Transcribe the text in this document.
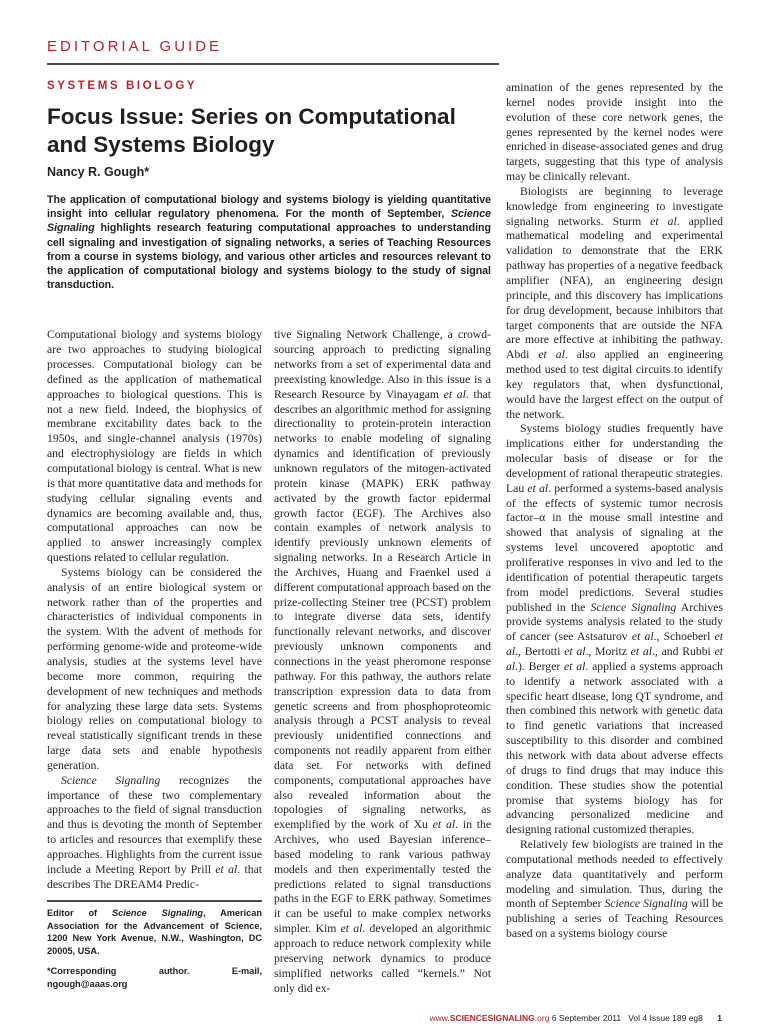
EDITORIAL GUIDE
SYSTEMS BIOLOGY
Focus Issue: Series on Computational and Systems Biology
Nancy R. Gough*
The application of computational biology and systems biology is yielding quantitative insight into cellular regulatory phenomena. For the month of September, Science Signaling highlights research featuring computational approaches to understanding cell signaling and investigation of signaling networks, a series of Teaching Resources from a course in systems biology, and various other articles and resources relevant to the application of computational biology and systems biology to the study of signal transduction.

Computational biology and systems biology are two approaches to studying biological processes. Computational biology can be defined as the application of mathematical approaches to biological questions. This is not a new field. Indeed, the biophysics of membrane excitability dates back to the 1950s, and single-channel analysis (1970s) and electrophysiology are fields in which computational biology is central. What is new is that more quantitative data and methods for studying cellular signaling events and dynamics are becoming available and, thus, computational approaches can now be applied to answer increasingly complex questions related to cellular regulation.

Systems biology can be considered the analysis of an entire biological system or network rather than of the properties and characteristics of individual components in the system. With the advent of methods for performing genome-wide and proteome-wide analysis, studies at the systems level have become more common, requiring the development of new techniques and methods for analyzing these large data sets. Systems biology relies on computational biology to reveal statistically significant trends in these large data sets and enable hypothesis generation.

Science Signaling recognizes the importance of these two complementary approaches to the field of signal transduction and thus is devoting the month of September to articles and resources that exemplify these approaches. Highlights from the current issue include a Meeting Report by Prill et al. that describes The DREAM4 Predic-

Editor of Science Signaling, American Association for the Advancement of Science, 1200 New York Avenue, N.W., Washington, DC 20005, USA.

*Corresponding author. E-mail, ngough@aaas.org

tive Signaling Network Challenge, a crowd-sourcing approach to predicting signaling networks from a set of experimental data and preexisting knowledge. Also in this issue is a Research Resource by Vinayagam et al. that describes an algorithmic method for assigning directionality to protein-protein interaction networks to enable modeling of signaling dynamics and identification of previously unknown regulators of the mitogen-activated protein kinase (MAPK) ERK pathway activated by the growth factor epidermal growth factor (EGF). The Archives also contain examples of network analysis to identify previously unknown elements of signaling networks. In a Research Article in the Archives, Huang and Fraenkel used a different computational approach based on the prize-collecting Steiner tree (PCST) problem to integrate diverse data sets, identify functionally relevant networks, and discover previously unknown components and connections in the yeast pheromone response pathway. For this pathway, the authors relate transcription expression data to data from genetic screens and from phosphoproteomic analysis through a PCST analysis to reveal previously unidentified connections and components not readily apparent from either data set. For networks with defined components, computational approaches have also revealed information about the topologies of signaling networks, as exemplified by the work of Xu et al. in the Archives, who used Bayesian inference–based modeling to rank various pathway models and then experimentally tested the predictions related to signal transductions paths in the EGF to ERK pathway. Sometimes it can be useful to make complex networks simpler. Kim et al. developed an algorithmic approach to reduce network complexity while preserving network dynamics to produce simplified networks called “kernels.” Not only did ex-

amination of the genes represented by the kernel nodes provide insight into the evolution of these core network genes, the genes represented by the kernel nodes were enriched in disease-associated genes and drug targets, suggesting that this type of analysis may be clinically relevant.

Biologists are beginning to leverage knowledge from engineering to investigate signaling networks. Sturm et al. applied mathematical modeling and experimental validation to demonstrate that the ERK pathway has properties of a negative feedback amplifier (NFA), an engineering design principle, and this discovery has implications for drug development, because inhibitors that target components that are outside the NFA are more effective at inhibiting the pathway. Abdi et al. also applied an engineering method used to test digital circuits to identify key regulators that, when dysfunctional, would have the largest effect on the output of the network.

Systems biology studies frequently have implications either for understanding the molecular basis of disease or for the development of rational therapeutic strategies. Lau et al. performed a systems-based analysis of the effects of systemic tumor necrosis factor–α in the mouse small intestine and showed that analysis of signaling at the systems level uncovered apoptotic and proliferative responses in vivo and led to the identification of potential therapeutic targets from model predictions. Several studies published in the Science Signaling Archives provide systems analysis related to the study of cancer (see Astsaturov et al., Schoeberl et al., Bertotti et al., Moritz et al., and Rubbi et al.). Berger et al. applied a systems approach to identify a network associated with a specific heart disease, long QT syndrome, and then combined this network with genetic data to find genetic variations that increased susceptibility to this disorder and combined this network with data about adverse effects of drugs to find drugs that may induce this condition. These studies show the potential promise that systems biology has for advancing personalized medicine and designing rational customized therapies.

Relatively few biologists are trained in the computational methods needed to effectively analyze data quantitatively and perform modeling and simulation. Thus, during the month of September Science Signaling will be publishing a series of Teaching Resources based on a systems biology course

www.SCIENCESIGNALING.org 6 September 2011   Vol 4 Issue 189 eg8 1
